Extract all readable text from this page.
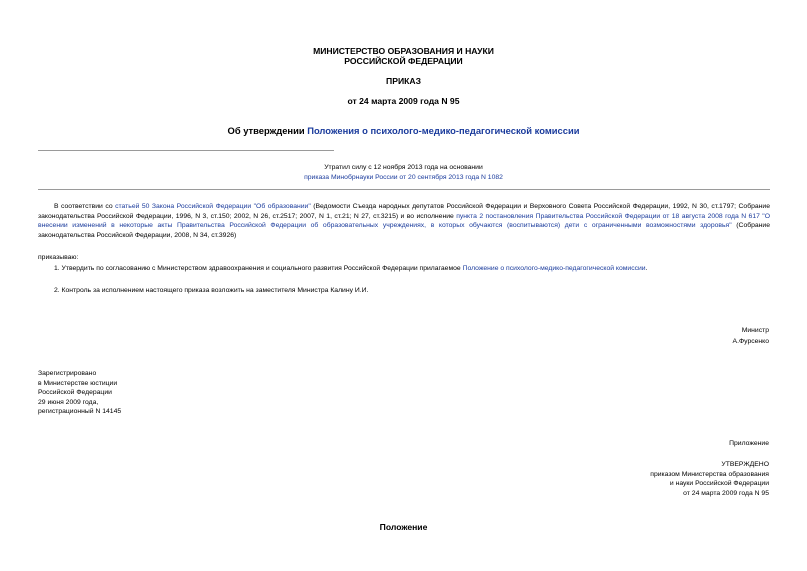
МИНИСТЕРСТВО ОБРАЗОВАНИЯ И НАУКИ
РОССИЙСКОЙ ФЕДЕРАЦИИ
ПРИКАЗ
от 24 марта 2009 года N 95
Об утверждении Положения о психолого-медико-педагогической комиссии
Утратил силу с 12 ноября 2013 года на основании
приказа Минобрнауки России от 20 сентября 2013 года N 1082
В соответствии со статьей 50 Закона Российской Федерации "Об образовании" (Ведомости Съезда народных депутатов Российской Федерации и Верховного Совета Российской Федерации, 1992, N 30, ст.1797; Собрание законодательства Российской Федерации, 1996, N 3, ст.150; 2002, N 26, ст.2517; 2007, N 1, ст.21; N 27, ст.3215) и во исполнение пункта 2 постановления Правительства Российской Федерации от 18 августа 2008 года N 617 "О внесении изменений в некоторые акты Правительства Российской Федерации об образовательных учреждениях, в которых обучаются (воспитываются) дети с ограниченными возможностями здоровья" (Собрание законодательства Российской Федерации, 2008, N 34, ст.3926)
приказываю:
1. Утвердить по согласованию с Министерством здравоохранения и социального развития Российской Федерации прилагаемое Положение о психолого-медико-педагогической комиссии.
2. Контроль за исполнением настоящего приказа возложить на заместителя Министра Калину И.И.
Министр
А.Фурсенко
Зарегистрировано
в Министерстве юстиции
Российской Федерации
29 июня 2009 года,
регистрационный N 14145
Приложение
УТВЕРЖДЕНО
приказом Министерства образования
и науки Российской Федерации
от 24 марта 2009 года N 95
Положение
